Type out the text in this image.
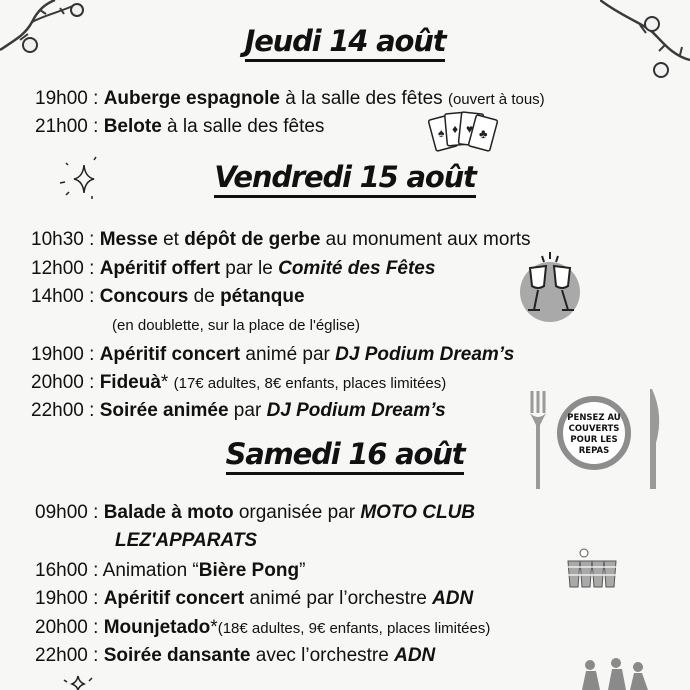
Jeudi 14 août
19h00 : Auberge espagnole à la salle des fêtes (ouvert à tous)
21h00 : Belote à la salle des fêtes	♠ ♦ ♥ ♣
Vendredi 15 août
10h30 : Messe et dépôt de gerbe au monument aux morts
12h00 : Apéritif offert par le Comité des Fêtes
14h00 : Concours de pétanque
(en doublette, sur la place de l'église)
19h00 : Apéritif concert animé par DJ Podium Dream’s
20h00 : Fideuà* (17€ adultes, 8€ enfants, places limitées)
22h00 : Soirée animée par DJ Podium Dream’s	PENSEZ AU
COUVERTS
POUR LES
REPAS
Samedi 16 août
09h00 : Balade à moto organisée par MOTO CLUB
LEZ'APPARATS
16h00 : Animation “Bière Pong”
19h00 : Apéritif concert animé par l’orchestre ADN
20h00 : Mounjetado*(18€ adultes, 9€ enfants, places limitées)
22h00 : Soirée dansante avec l’orchestre ADN
